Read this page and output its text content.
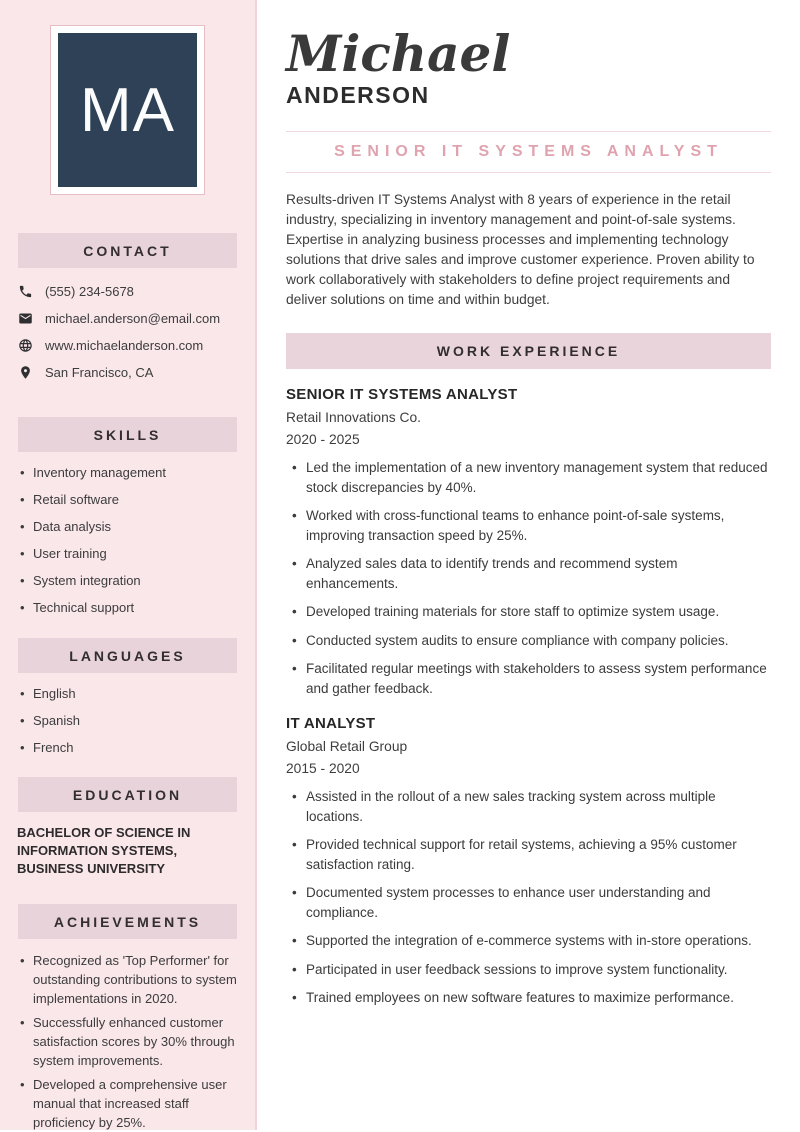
MA
CONTACT
(555) 234-5678
michael.anderson@email.com
www.michaelanderson.com
San Francisco, CA
SKILLS
• Inventory management
• Retail software
• Data analysis
• User training
• System integration
• Technical support
LANGUAGES
• English
• Spanish
• French
EDUCATION
BACHELOR OF SCIENCE IN INFORMATION SYSTEMS, BUSINESS UNIVERSITY
ACHIEVEMENTS
• Recognized as 'Top Performer' for outstanding contributions to system implementations in 2020.
• Successfully enhanced customer satisfaction scores by 30% through system improvements.
• Developed a comprehensive user manual that increased staff proficiency by 25%.
Michael
ANDERSON
SENIOR IT SYSTEMS ANALYST

Results-driven IT Systems Analyst with 8 years of experience in the retail industry, specializing in inventory management and point-of-sale systems. Expertise in analyzing business processes and implementing technology solutions that drive sales and improve customer experience. Proven ability to work collaboratively with stakeholders to define project requirements and deliver solutions on time and within budget.

WORK EXPERIENCE
SENIOR IT SYSTEMS ANALYST
Retail Innovations Co.
2020 - 2025
• Led the implementation of a new inventory management system that reduced stock discrepancies by 40%.
• Worked with cross-functional teams to enhance point-of-sale systems, improving transaction speed by 25%.
• Analyzed sales data to identify trends and recommend system enhancements.
• Developed training materials for store staff to optimize system usage.
• Conducted system audits to ensure compliance with company policies.
• Facilitated regular meetings with stakeholders to assess system performance and gather feedback.
IT ANALYST
Global Retail Group
2015 - 2020
• Assisted in the rollout of a new sales tracking system across multiple locations.
• Provided technical support for retail systems, achieving a 95% customer satisfaction rating.
• Documented system processes to enhance user understanding and compliance.
• Supported the integration of e-commerce systems with in-store operations.
• Participated in user feedback sessions to improve system functionality.
• Trained employees on new software features to maximize performance.
